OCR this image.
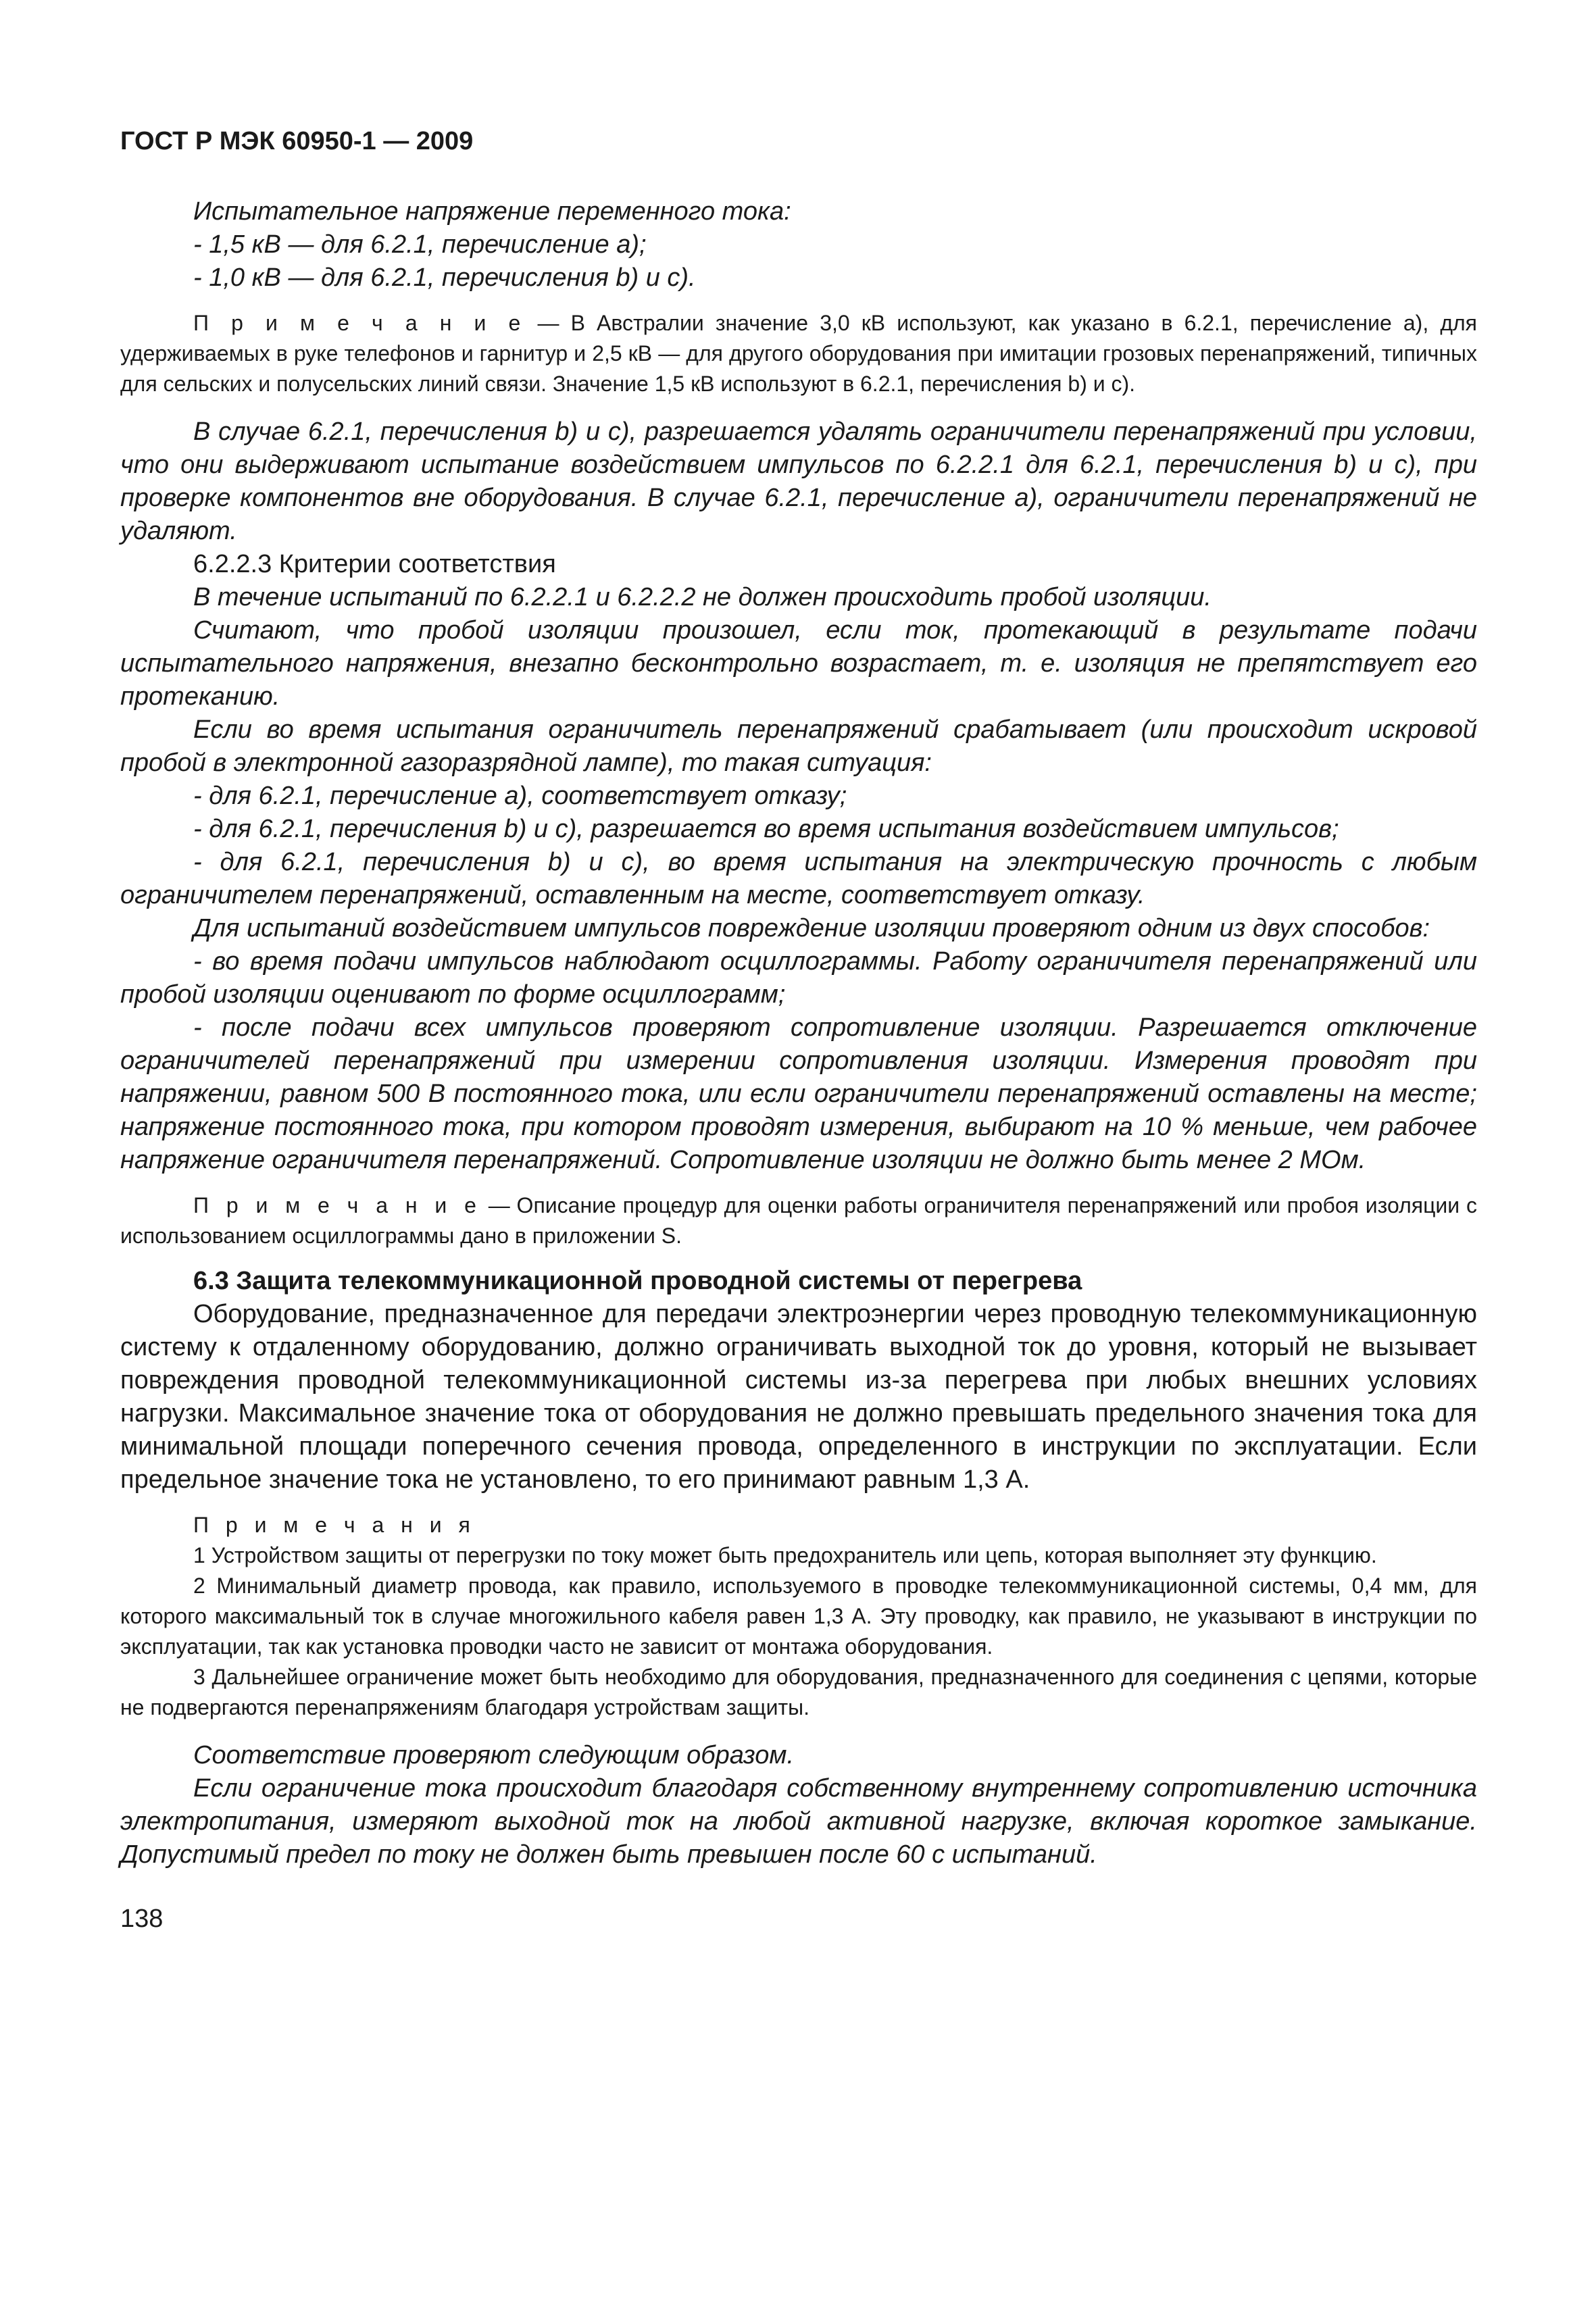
ГОСТ Р МЭК 60950-1 — 2009

Испытательное напряжение переменного тока:

- 1,5 кВ — для 6.2.1, перечисление а);

- 1,0 кВ — для 6.2.1, перечисления b) и с).

П р и м е ч а н и е — В Австралии значение 3,0 кВ используют, как указано в 6.2.1, перечисление а), для удерживаемых в руке телефонов и гарнитур и 2,5 кВ — для другого оборудования при имитации грозовых перенапряжений, типичных для сельских и полусельских линий связи. Значение 1,5 кВ используют в 6.2.1, перечисления b) и с).

В случае 6.2.1, перечисления b) и с), разрешается удалять ограничители перенапряжений при условии, что они выдерживают испытание воздействием импульсов по 6.2.2.1 для 6.2.1, перечисления b) и с), при проверке компонентов вне оборудования. В случае 6.2.1, перечисление а), ограничители перенапряжений не удаляют.

6.2.2.3 Критерии соответствия

В течение испытаний по 6.2.2.1 и 6.2.2.2 не должен происходить пробой изоляции.

Считают, что пробой изоляции произошел, если ток, протекающий в результате подачи испытательного напряжения, внезапно бесконтрольно возрастает, т. е. изоляция не препятствует его протеканию.

Если во время испытания ограничитель перенапряжений срабатывает (или происходит искровой пробой в электронной газоразрядной лампе), то такая ситуация:

- для 6.2.1, перечисление а), соответствует отказу;

- для 6.2.1, перечисления b) и с), разрешается во время испытания воздействием импульсов;

- для 6.2.1, перечисления b) и с), во время испытания на электрическую прочность с любым ограничителем перенапряжений, оставленным на месте, соответствует отказу.

Для испытаний воздействием импульсов повреждение изоляции проверяют одним из двух способов:

- во время подачи импульсов наблюдают осциллограммы. Работу ограничителя перенапряжений или пробой изоляции оценивают по форме осциллограмм;

- после подачи всех импульсов проверяют сопротивление изоляции. Разрешается отключение ограничителей перенапряжений при измерении сопротивления изоляции. Измерения проводят при напряжении, равном 500 В постоянного тока, или если ограничители перенапряжений оставлены на месте; напряжение постоянного тока, при котором проводят измерения, выбирают на 10 % меньше, чем рабочее напряжение ограничителя перенапряжений. Сопротивление изоляции не должно быть менее 2 МОм.

П р и м е ч а н и е — Описание процедур для оценки работы ограничителя перенапряжений или пробоя изоляции с использованием осциллограммы дано в приложении S.

6.3 Защита телекоммуникационной проводной системы от перегрева

Оборудование, предназначенное для передачи электроэнергии через проводную телекоммуникационную систему к отдаленному оборудованию, должно ограничивать выходной ток до уровня, который не вызывает повреждения проводной телекоммуникационной системы из-за перегрева при любых внешних условиях нагрузки. Максимальное значение тока от оборудования не должно превышать предельного значения тока для минимальной площади поперечного сечения провода, определенного в инструкции по эксплуатации. Если предельное значение тока не установлено, то его принимают равным 1,3 А.

П р и м е ч а н и я

1 Устройством защиты от перегрузки по току может быть предохранитель или цепь, которая выполняет эту функцию.

2 Минимальный диаметр провода, как правило, используемого в проводке телекоммуникационной системы, 0,4 мм, для которого максимальный ток в случае многожильного кабеля равен 1,3 А. Эту проводку, как правило, не указывают в инструкции по эксплуатации, так как установка проводки часто не зависит от монтажа оборудования.

3 Дальнейшее ограничение может быть необходимо для оборудования, предназначенного для соединения с цепями, которые не подвергаются перенапряжениям благодаря устройствам защиты.

Соответствие проверяют следующим образом.

Если ограничение тока происходит благодаря собственному внутреннему сопротивлению источника электропитания, измеряют выходной ток на любой активной нагрузке, включая короткое замыкание. Допустимый предел по току не должен быть превышен после 60 с испытаний.

138
